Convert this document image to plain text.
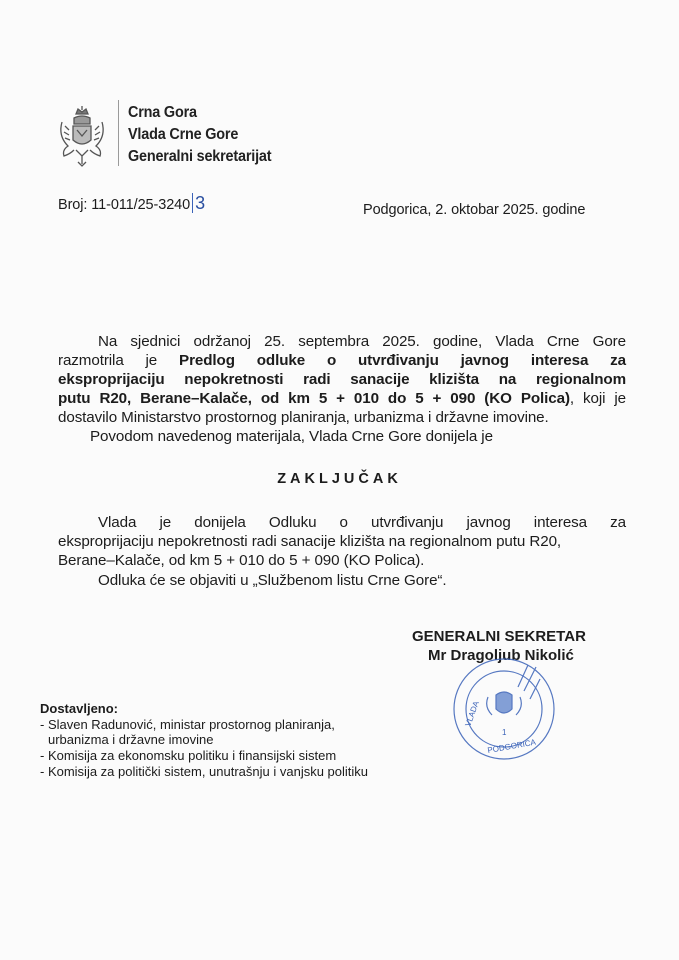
Crna Gora
Vlada Crne Gore
Generalni sekretarijat
Broj: 11-011/25-3240 3	Podgorica, 2. oktobar 2025. godine
Na sjednici održanoj 25. septembra 2025. godine, Vlada Crne Gore
razmotrila je Predlog odluke o utvrđivanju javnog interesa za
eksproprijaciju nepokretnosti radi sanacije klizišta na regionalnom
putu R20, Berane–Kalače, od km 5 + 010 do 5 + 090 (KO Polica), koji je
dostavilo Ministarstvo prostornog planiranja, urbanizma i državne imovine.
Povodom navedenog materijala, Vlada Crne Gore donijela je
ZAKLJUČAK
Vlada je donijela Odluku o utvrđivanju javnog interesa za
eksproprijaciju nepokretnosti radi sanacije klizišta na regionalnom putu R20,
Berane–Kalače, od km 5 + 010 do 5 + 090 (KO Polica).
Odluka će se objaviti u „Službenom listu Crne Gore“.
GENERALNI SEKRETAR
Mr Dragoljub Nikolić
VLADA
1
PODGORICA
Dostavljeno:
- Slaven Radunović, ministar prostornog planiranja,
urbanizma i državne imovine
- Komisija za ekonomsku politiku i finansijski sistem
- Komisija za politički sistem, unutrašnju i vanjsku politiku
